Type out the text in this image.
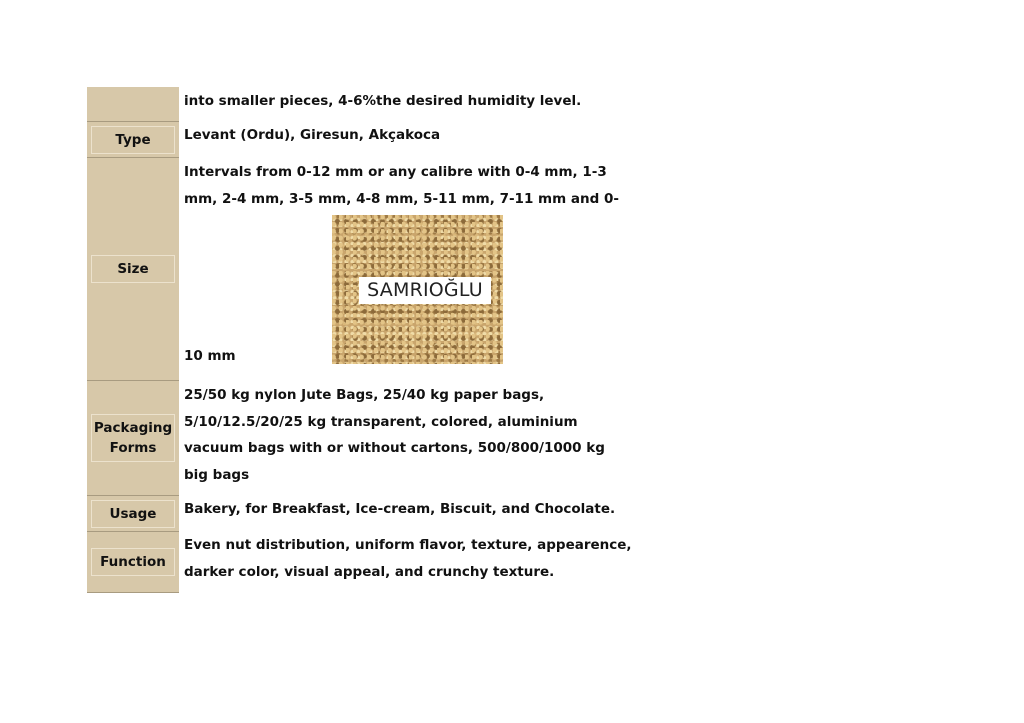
into smaller pieces, 4-6%the desired humidity level.
Type	Levant (Ordu), Giresun, Akçakoca
Size
Intervals from 0-12 mm or any calibre with 0-4 mm, 1-3
mm, 2-4 mm, 3-5 mm, 4-8 mm, 5-11 mm, 7-11 mm and 0-
SAMRIOĞLU
10 mm
Packaging
Forms
25/50 kg nylon Jute Bags, 25/40 kg paper bags,
5/10/12.5/20/25 kg transparent, colored, aluminium
vacuum bags with or without cartons, 500/800/1000 kg
big bags
Usage	Bakery, for Breakfast, Ice-cream, Biscuit, and Chocolate.
Function
Even nut distribution, uniform flavor, texture, appearence,
darker color, visual appeal, and crunchy texture.
